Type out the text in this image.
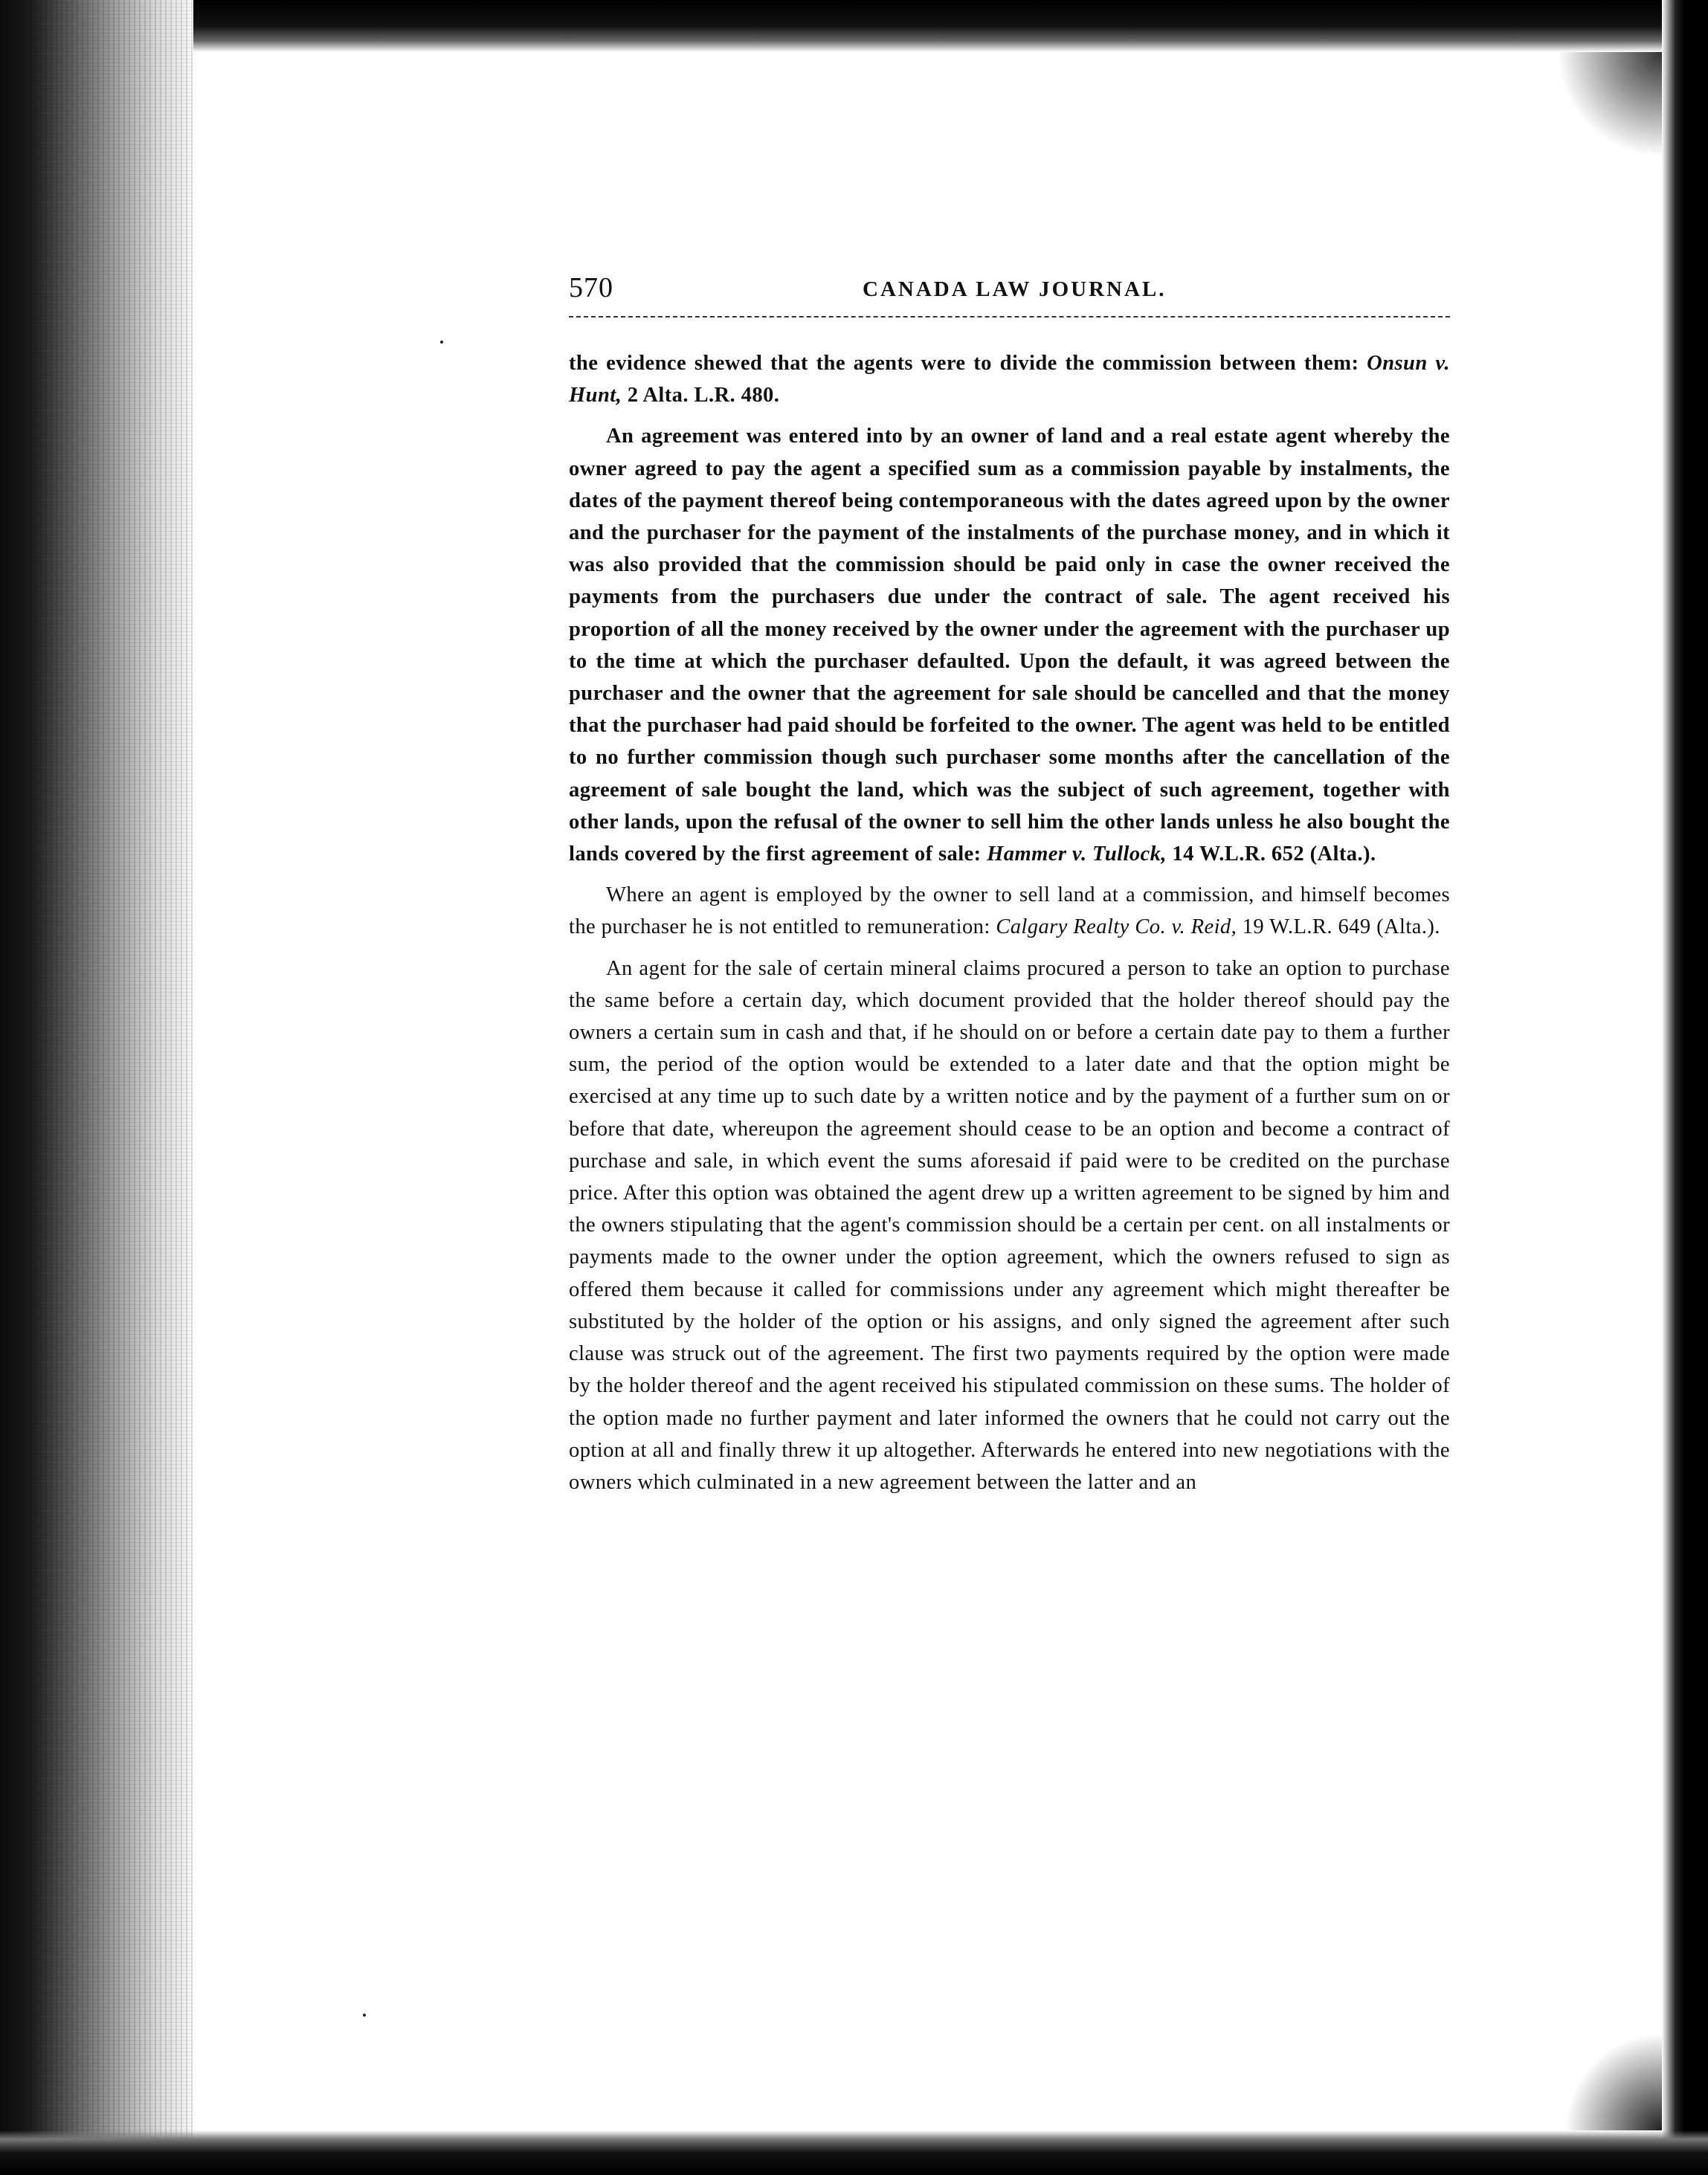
570	CANADA LAW JOURNAL.

the evidence shewed that the agents were to divide the commission between them: Onsun v. Hunt, 2 Alta. L.R. 480.

An agreement was entered into by an owner of land and a real estate agent whereby the owner agreed to pay the agent a specified sum as a commission payable by instalments, the dates of the payment thereof being contemporaneous with the dates agreed upon by the owner and the purchaser for the payment of the instalments of the purchase money, and in which it was also provided that the commission should be paid only in case the owner received the payments from the purchasers due under the contract of sale. The agent received his proportion of all the money received by the owner under the agreement with the purchaser up to the time at which the purchaser defaulted. Upon the default, it was agreed between the purchaser and the owner that the agreement for sale should be cancelled and that the money that the purchaser had paid should be forfeited to the owner. The agent was held to be entitled to no further commission though such purchaser some months after the cancellation of the agreement of sale bought the land, which was the subject of such agreement, together with other lands, upon the refusal of the owner to sell him the other lands unless he also bought the lands covered by the first agreement of sale: Hammer v. Tullock, 14 W.L.R. 652 (Alta.).

Where an agent is employed by the owner to sell land at a commission, and himself becomes the purchaser he is not entitled to remuneration: Calgary Realty Co. v. Reid, 19 W.L.R. 649 (Alta.).

An agent for the sale of certain mineral claims procured a person to take an option to purchase the same before a certain day, which document provided that the holder thereof should pay the owners a certain sum in cash and that, if he should on or before a certain date pay to them a further sum, the period of the option would be extended to a later date and that the option might be exercised at any time up to such date by a written notice and by the payment of a further sum on or before that date, whereupon the agreement should cease to be an option and become a contract of purchase and sale, in which event the sums aforesaid if paid were to be credited on the purchase price. After this option was obtained the agent drew up a written agreement to be signed by him and the owners stipulating that the agent's commission should be a certain per cent. on all instalments or payments made to the owner under the option agreement, which the owners refused to sign as offered them because it called for commissions under any agreement which might thereafter be substituted by the holder of the option or his assigns, and only signed the agreement after such clause was struck out of the agreement. The first two payments required by the option were made by the holder thereof and the agent received his stipulated commission on these sums. The holder of the option made no further payment and later informed the owners that he could not carry out the option at all and finally threw it up altogether. Afterwards he entered into new negotiations with the owners which culminated in a new agreement between the latter and an
